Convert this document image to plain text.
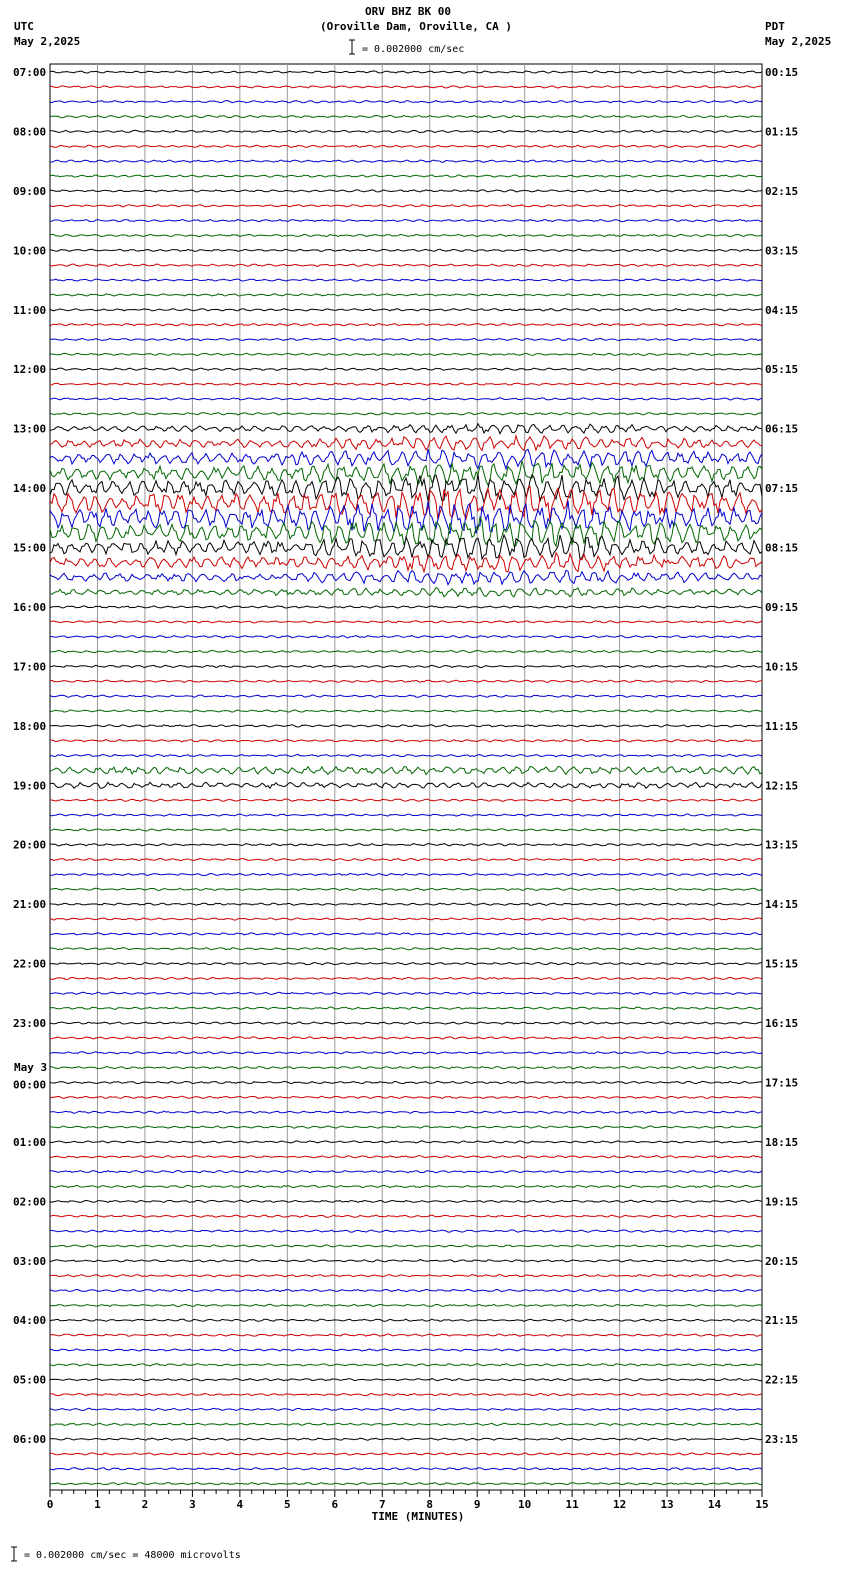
07:00
08:00
09:00
10:00
11:00
12:00
13:00
14:00
15:00
16:00
17:00
18:00
19:00
20:00
21:00
22:00
23:00
00:00
01:00
02:00
03:00
04:00
05:00
06:00
00:15
01:15
02:15
03:15
04:15
05:15
06:15
07:15
08:15
09:15
10:15
11:15
12:15
13:15
14:15
15:15
16:15
17:15
18:15
19:15
20:15
21:15
22:15
23:15
0	1	2	3	4	5	6	7	8	9	10	11	12	13	14	15
TIME (MINUTES)
ORV BHZ BK 00
(Oroville Dam, Oroville, CA )
UTC
May 2,2025
PDT
May 2,2025
= 0.002000 cm/sec
= 0.002000 cm/sec = 48000 microvolts
May 3
